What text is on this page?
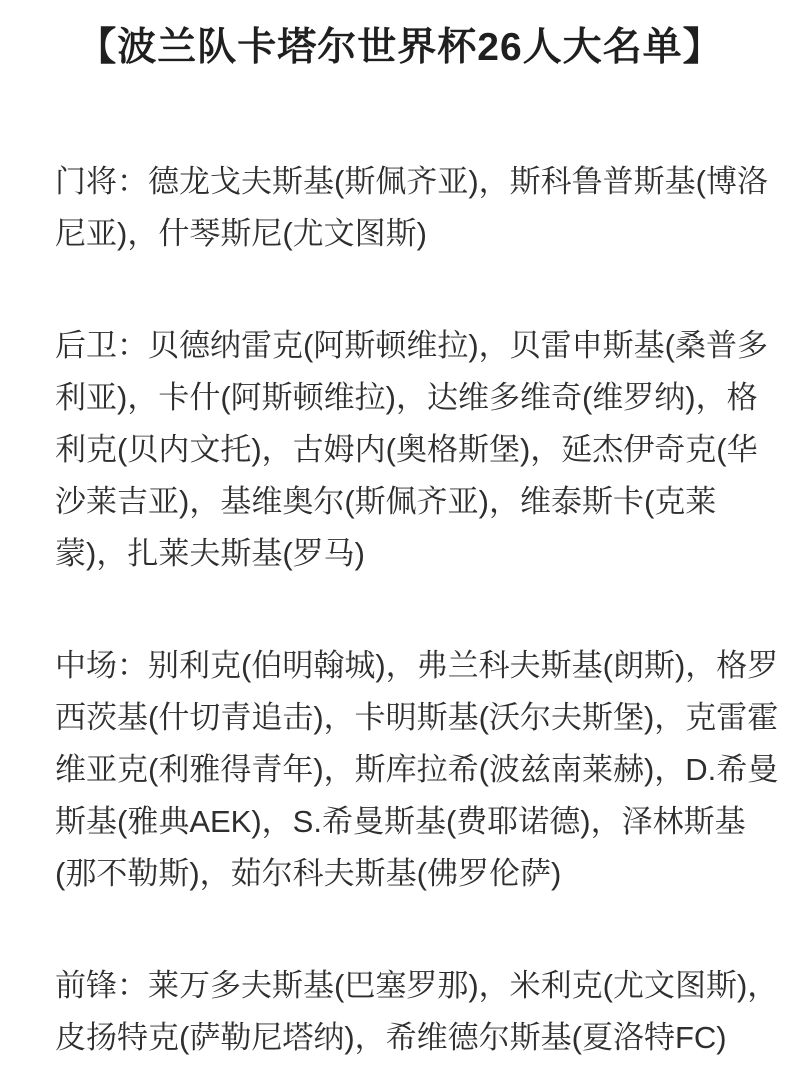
【波兰队卡塔尔世界杯26人大名单】
门将：德龙戈夫斯基(斯佩齐亚)，斯科鲁普斯基(博洛
尼亚)，什琴斯尼(尤文图斯)
后卫：贝德纳雷克(阿斯顿维拉)，贝雷申斯基(桑普多
利亚)，卡什(阿斯顿维拉)，达维多维奇(维罗纳)，格
利克(贝内文托)，古姆内(奥格斯堡)，延杰伊奇克(华
沙莱吉亚)，基维奥尔(斯佩齐亚)，维泰斯卡(克莱
蒙)，扎莱夫斯基(罗马)
中场：别利克(伯明翰城)，弗兰科夫斯基(朗斯)，格罗
西茨基(什切青追击)，卡明斯基(沃尔夫斯堡)，克雷霍
维亚克(利雅得青年)，斯库拉希(波兹南莱赫)，D.希曼
斯基(雅典AEK)，S.希曼斯基(费耶诺德)，泽林斯基
(那不勒斯)，茹尔科夫斯基(佛罗伦萨)
前锋：莱万多夫斯基(巴塞罗那)，米利克(尤文图斯)，
皮扬特克(萨勒尼塔纳)，希维德尔斯基(夏洛特FC)
